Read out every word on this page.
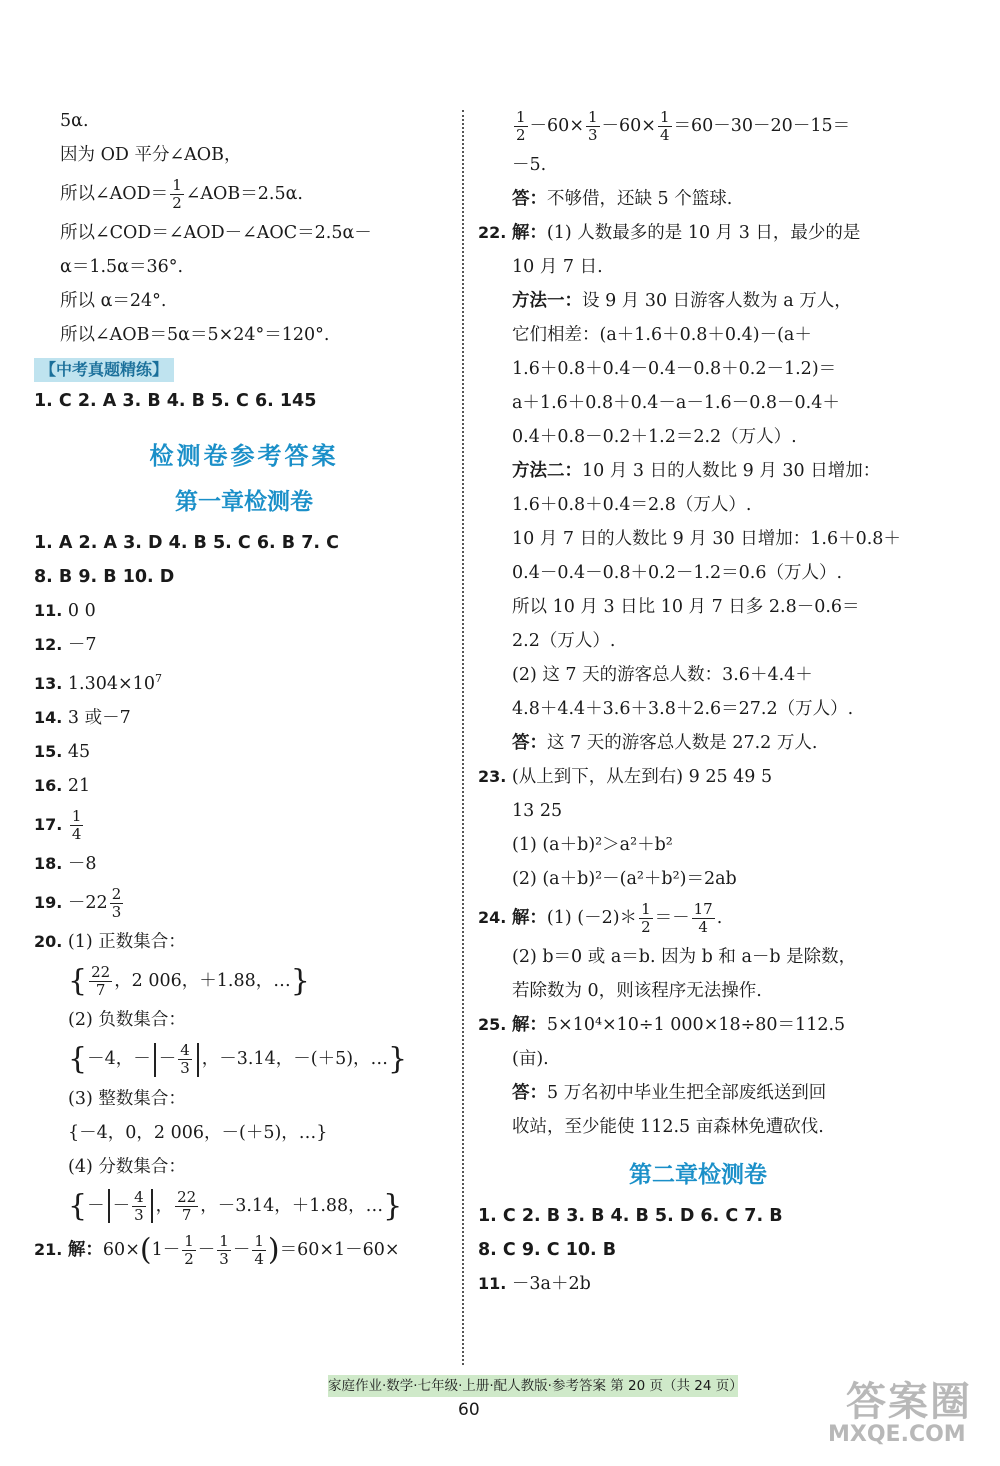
5α.
因为 OD 平分∠AOB，
所以∠AOD＝ $\frac{1}{2}$ ∠AOB＝2.5α.
所以∠COD＝∠AOD－∠AOC＝2.5α－
α＝1.5α＝36°.
所以 α＝24°.
所以∠AOB＝5α＝5×24°＝120°.
【中考真题精练】
1. C 2. A 3. B 4. B 5. C 6. 145
检测卷参考答案
第一章检测卷
1. A 2. A 3. D 4. B 5. C 6. B 7. C
8. B 9. B 10. D
11. 0 0
12. －7
13. $1.304\times 10^7$
14. 3 或－7
15. 45
16. 21
17. $\frac{1}{4}$
18. －8
19. $-22 \frac{2}{3}$
20. (1) 正数集合：
{ $\frac{22}{7}$ ，2 006，＋1.88，…}
(2) 负数集合：
{－4，－ － $\frac{4}{3}$ ，－3.14，－(＋5)，…}
(3) 整数集合：
{－4，0，2 006，－(＋5)，…}
(4) 分数集合：
{－ － $\frac{4}{3}$ ， $\frac{22}{7}$ ，－3.14，＋1.88，…}
21. 解：$60\times(1- \frac{1}{2} - \frac{1}{3} - \frac{1}{4} )=60\times 1-60\times$
$\frac{1}{2} -60\times \frac{1}{3} -60\times \frac{1}{4} =60-30-20-15=$
－5.
答：不够借，还缺 5 个篮球.
22. 解：(1) 人数最多的是 10 月 3 日，最少的是
10 月 7 日.
方法一：设 9 月 30 日游客人数为 a 万人，
它们相差：(a＋1.6＋0.8＋0.4)－(a＋
1.6＋0.8＋0.4－0.4－0.8＋0.2－1.2)＝
a＋1.6＋0.8＋0.4－a－1.6－0.8－0.4＋
0.4＋0.8－0.2＋1.2＝2.2（万人）.
方法二：10 月 3 日的人数比 9 月 30 日增加：
1.6＋0.8＋0.4＝2.8（万人）.
10 月 7 日的人数比 9 月 30 日增加：1.6＋0.8＋
0.4－0.4－0.8＋0.2－1.2＝0.6（万人）.
所以 10 月 3 日比 10 月 7 日多 2.8－0.6＝
2.2（万人）.
(2) 这 7 天的游客总人数：3.6＋4.4＋
4.8＋4.4＋3.6＋3.8＋2.6＝27.2（万人）.
答：这 7 天的游客总人数是 27.2 万人.
23. (从上到下，从左到右) 9 25 49 5
13 25
(1) (a＋b)²＞a²＋b²
(2) (a＋b)²－(a²＋b²)＝2ab
24. 解：(1) (－2)＊ $\frac{1}{2} =- \frac{17}{4}$ .
(2) b＝0 或 a＝b. 因为 b 和 a－b 是除数，
若除数为 0，则该程序无法操作.
25. 解：5×10⁴×10÷1 000×18÷80＝112.5
(亩).
答：5 万名初中毕业生把全部废纸送到回
收站，至少能使 112.5 亩森林免遭砍伐.
第二章检测卷
1. C 2. B 3. B 4. B 5. D 6. C 7. B
8. C 9. C 10. B
11. －3a＋2b
家庭作业·数学·七年级·上册·配人教版·参考答案 第 20 页（共 24 页）
60	答案圈
MXQE.COM
